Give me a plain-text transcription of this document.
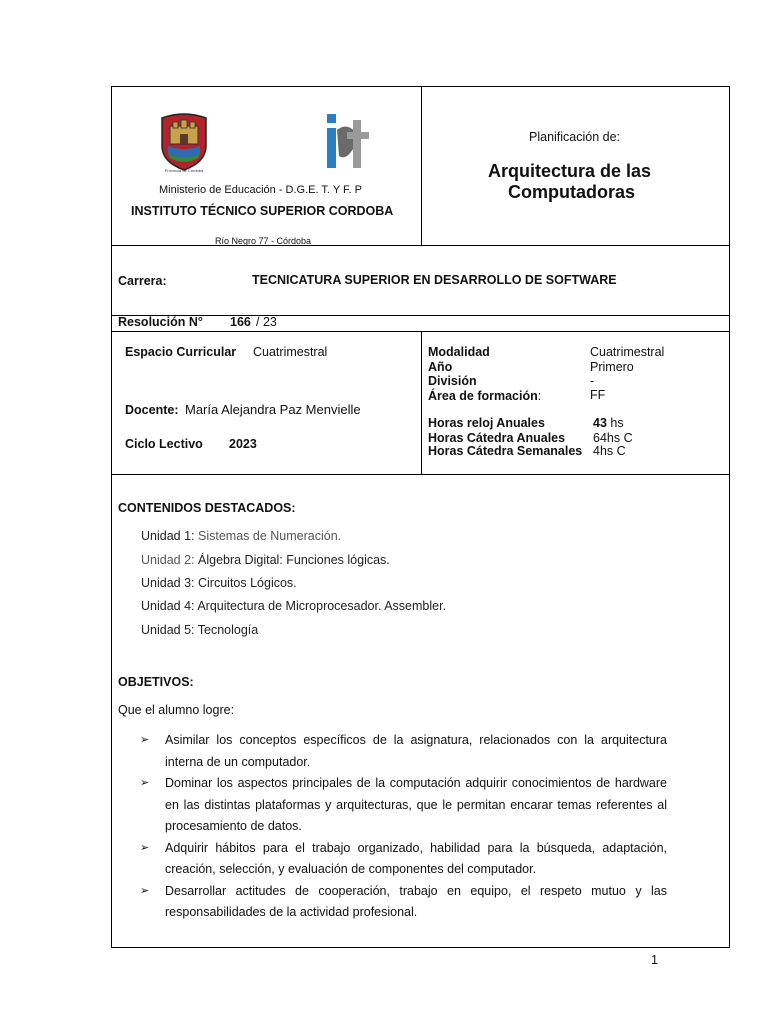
Provincia de Córdoba	it
Ministerio de Educación - D.G.E. T. Y F. P
INSTITUTO TÉCNICO SUPERIOR CORDOBA
Río Negro 77 - Córdoba
Planificación de:
Arquitectura de las
Computadoras
Carrera:	TECNICATURA SUPERIOR EN DESARROLLO DE SOFTWARE
Resolución N° 166 / 23
Espacio Curricular Cuatrimestral
Docente: María Alejandra Paz Menvielle
Ciclo Lectivo 2023
Modalidad	Cuatrimestral
Año	Primero
División	-
Área de formación:	FF
Horas reloj Anuales	43 hs
Horas Cátedra Anuales 64hs C
Horas Cátedra Semanales 4hs C
CONTENIDOS DESTACADOS:
Unidad 1: Sistemas de Numeración.
Unidad 2: Álgebra Digital: Funciones lógicas.
Unidad 3: Circuitos Lógicos.
Unidad 4: Arquitectura de Microprocesador. Assembler.
Unidad 5: Tecnología
OBJETIVOS:
Que el alumno logre:
➢ Asimilar los conceptos específicos de la asignatura, relacionados con la arquitectura interna de un computador.
➢ Dominar los aspectos principales de la computación adquirir conocimientos de hardware en las distintas plataformas y arquitecturas, que le permitan encarar temas referentes al procesamiento de datos.
➢ Adquirir hábitos para el trabajo organizado, habilidad para la búsqueda, adaptación, creación, selección, y evaluación de componentes del computador.
➢ Desarrollar actitudes de cooperación, trabajo en equipo, el respeto mutuo y las responsabilidades de la actividad profesional.
1
